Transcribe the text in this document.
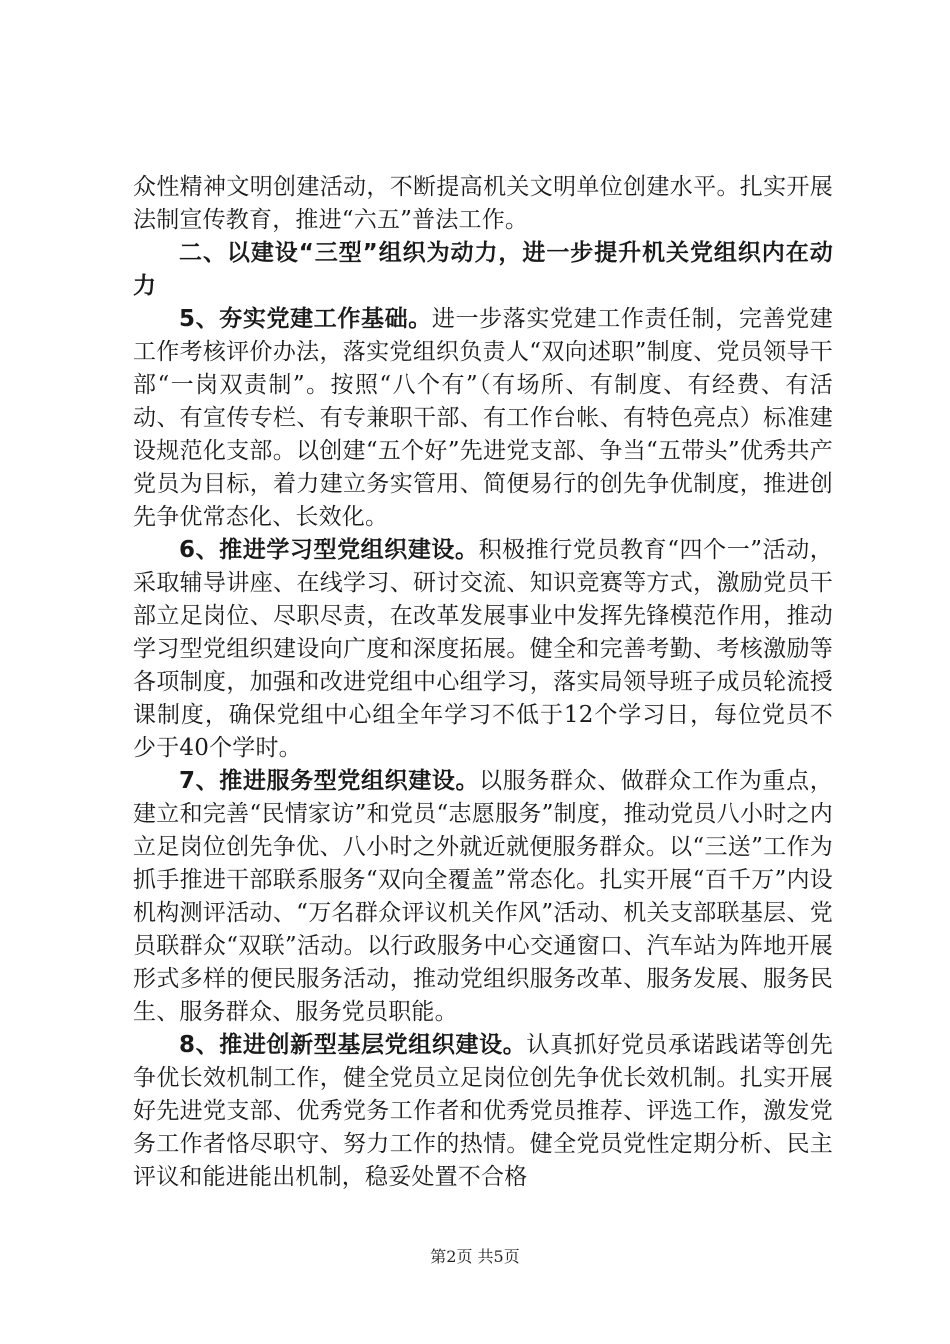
众性精神文明创建活动，不断提高机关文明单位创建水平。扎实开展法制宣传教育，推进“六五”普法工作。

二、以建设“三型”组织为动力，进一步提升机关党组织内在动力

5、夯实党建工作基础。进一步落实党建工作责任制，完善党建工作考核评价办法，落实党组织负责人“双向述职”制度、党员领导干部“一岗双责制”。按照“八个有”（有场所、有制度、有经费、有活动、有宣传专栏、有专兼职干部、有工作台帐、有特色亮点）标准建设规范化支部。以创建“五个好”先进党支部、争当“五带头”优秀共产党员为目标，着力建立务实管用、简便易行的创先争优制度，推进创先争优常态化、长效化。

6、推进学习型党组织建设。积极推行党员教育“四个一”活动，采取辅导讲座、在线学习、研讨交流、知识竞赛等方式，激励党员干部立足岗位、尽职尽责，在改革发展事业中发挥先锋模范作用，推动学习型党组织建设向广度和深度拓展。健全和完善考勤、考核激励等各项制度，加强和改进党组中心组学习，落实局领导班子成员轮流授课制度，确保党组中心组全年学习不低于12个学习日，每位党员不少于40个学时。

7、推进服务型党组织建设。以服务群众、做群众工作为重点，建立和完善“民情家访”和党员“志愿服务”制度，推动党员八小时之内立足岗位创先争优、八小时之外就近就便服务群众。以“三送”工作为抓手推进干部联系服务“双向全覆盖”常态化。扎实开展“百千万”内设机构测评活动、“万名群众评议机关作风”活动、机关支部联基层、党员联群众“双联”活动。以行政服务中心交通窗口、汽车站为阵地开展形式多样的便民服务活动，推动党组织服务改革、服务发展、服务民生、服务群众、服务党员职能。

8、推进创新型基层党组织建设。认真抓好党员承诺践诺等创先争优长效机制工作，健全党员立足岗位创先争优长效机制。扎实开展好先进党支部、优秀党务工作者和优秀党员推荐、评选工作，激发党务工作者恪尽职守、努力工作的热情。健全党员党性定期分析、民主评议和能进能出机制，稳妥处置不合格

第2页 共5页
